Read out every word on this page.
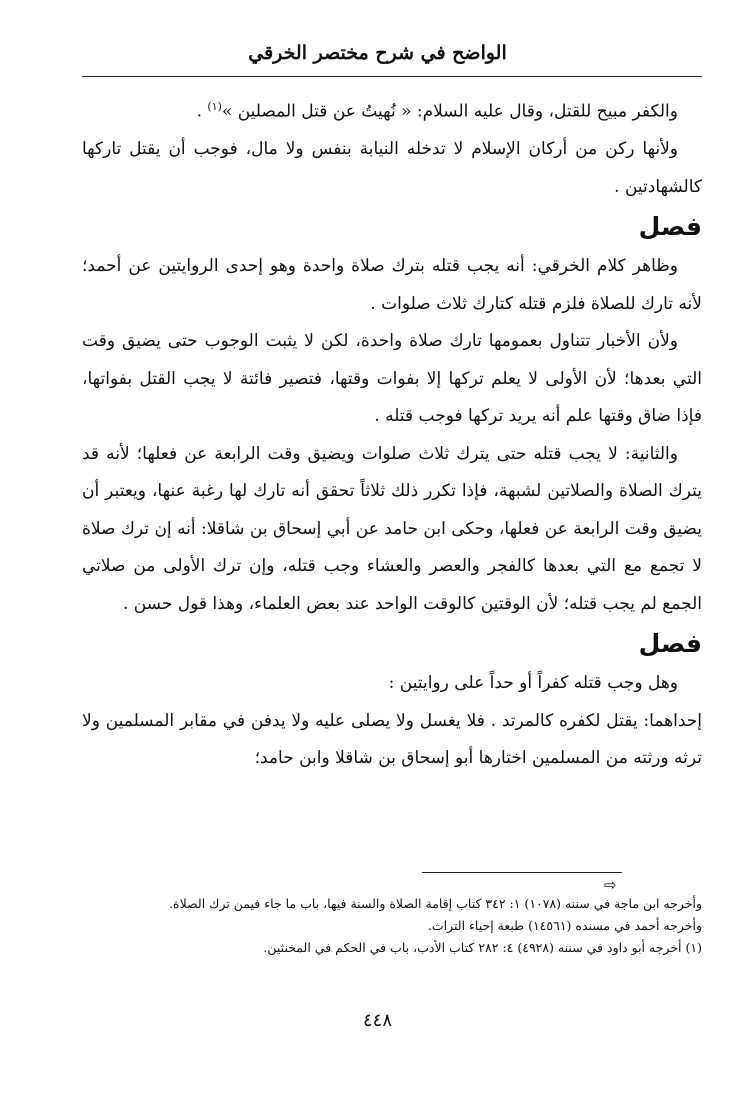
الواضح في شرح مختصر الخرقي

والكفر مبيح للقتل، وقال عليه السلام: « نُهيتُ عن قتل المصلين »$^{(١)}$ .

ولأنها ركن من أركان الإسلام لا تدخله النيابة بنفس ولا مال، فوجب أن يقتل تاركها كالشهادتين .

فصل

وظاهر كلام الخرقي: أنه يجب قتله بترك صلاة واحدة وهو إحدى الروايتين عن أحمد؛ لأنه تارك للصلاة فلزم قتله كتارك ثلاث صلوات .

ولأن الأخبار تتناول بعمومها تارك صلاة واحدة، لكن لا يثبت الوجوب حتى يضيق وقت التي بعدها؛ لأن الأولى لا يعلم تركها إلا بفوات وقتها، فتصير فائتة لا يجب القتل بفواتها، فإذا ضاق وقتها علم أنه يريد تركها فوجب قتله .

والثانية: لا يجب قتله حتى يترك ثلاث صلوات ويضيق وقت الرابعة عن فعلها؛ لأنه قد يترك الصلاة والصلاتين لشبهة، فإذا تكرر ذلك ثلاثاً تحقق أنه تارك لها رغبة عنها، ويعتبر أن يضيق وقت الرابعة عن فعلها، وحكى ابن حامد عن أبي إسحاق بن شاقلا: أنه إن ترك صلاة لا تجمع مع التي بعدها كالفجر والعصر والعشاء وجب قتله، وإن ترك الأولى من صلاتي الجمع لم يجب قتله؛ لأن الوقتين كالوقت الواحد عند بعض العلماء، وهذا قول حسن .

فصل

وهل وجب قتله كفراً أو حداً على روايتين :

إحداهما: يقتل لكفره كالمرتد . فلا يغسل ولا يصلى عليه ولا يدفن في مقابر المسلمين ولا ترثه ورثته من المسلمين اختارها أبو إسحاق بن شاقلا وابن حامد؛

⇨

وأخرجه ابن ماجة في سننه (١٠٧٨) ١: ٣٤٢ كتاب إقامة الصلاة والسنة فيها، باب ما جاء فيمن ترك الصلاة.

وأخرجه أحمد في مسنده (١٤٥٦١) طبعة إحياء التراث.

(١) أخرجه أبو داود في سننه (٤٩٢٨) ٤: ٢٨٢ كتاب الأدب، باب في الحكم في المخنثين.

٤٤٨
